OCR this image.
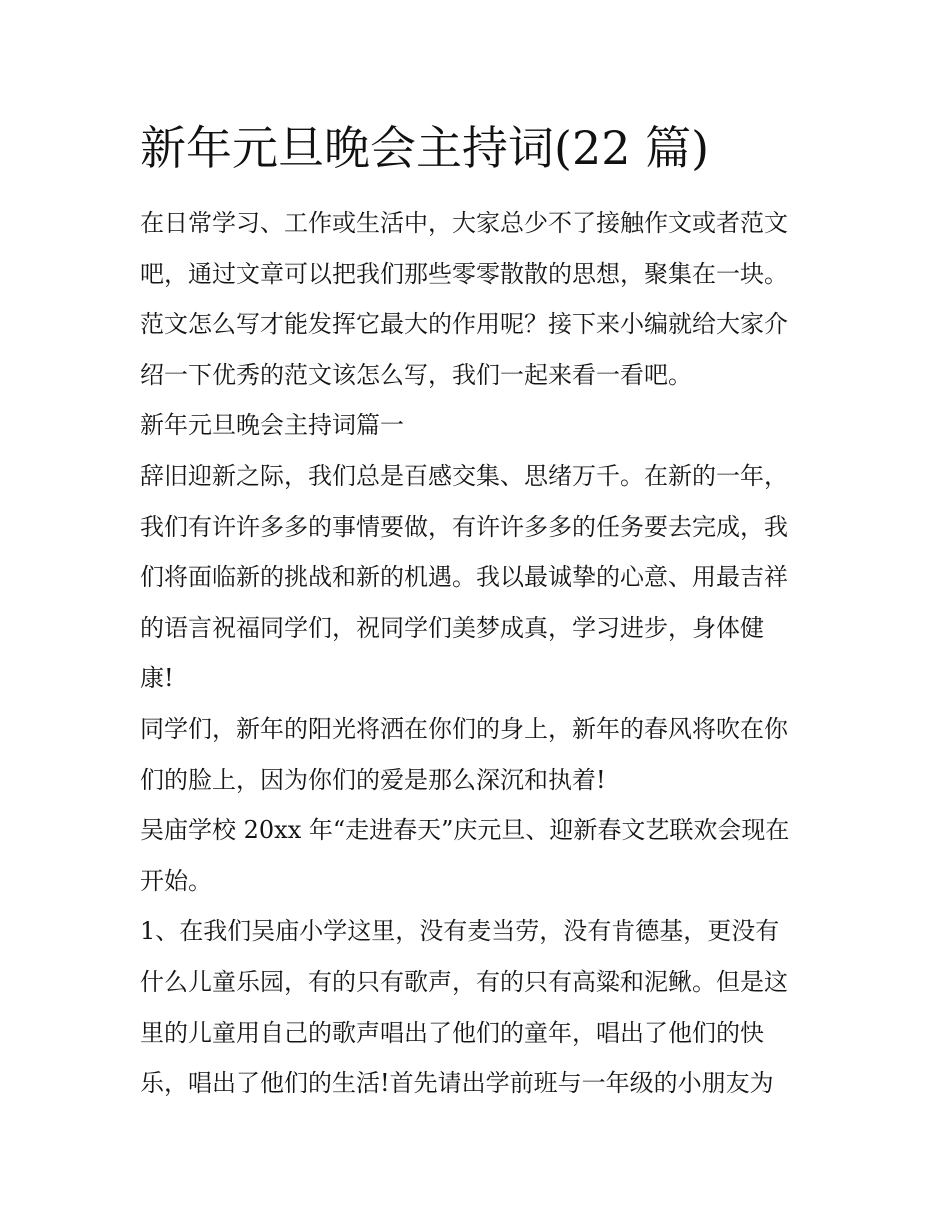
新年元旦晚会主持词(22 篇)
在日常学习、工作或生活中，大家总少不了接触作文或者范文
吧，通过文章可以把我们那些零零散散的思想，聚集在一块。
范文怎么写才能发挥它最大的作用呢？接下来小编就给大家介
绍一下优秀的范文该怎么写，我们一起来看一看吧。
新年元旦晚会主持词篇一
辞旧迎新之际，我们总是百感交集、思绪万千。在新的一年，
我们有许许多多的事情要做，有许许多多的任务要去完成，我
们将面临新的挑战和新的机遇。我以最诚挚的心意、用最吉祥
的语言祝福同学们，祝同学们美梦成真，学习进步，身体健
康!
同学们，新年的阳光将洒在你们的身上，新年的春风将吹在你
们的脸上，因为你们的爱是那么深沉和执着!
吴庙学校 20xx 年“走进春天”庆元旦、迎新春文艺联欢会现在
开始。
1、在我们吴庙小学这里，没有麦当劳，没有肯德基，更没有
什么儿童乐园，有的只有歌声，有的只有高粱和泥鳅。但是这
里的儿童用自己的歌声唱出了他们的童年，唱出了他们的快
乐，唱出了他们的生活!首先请出学前班与一年级的小朋友为
